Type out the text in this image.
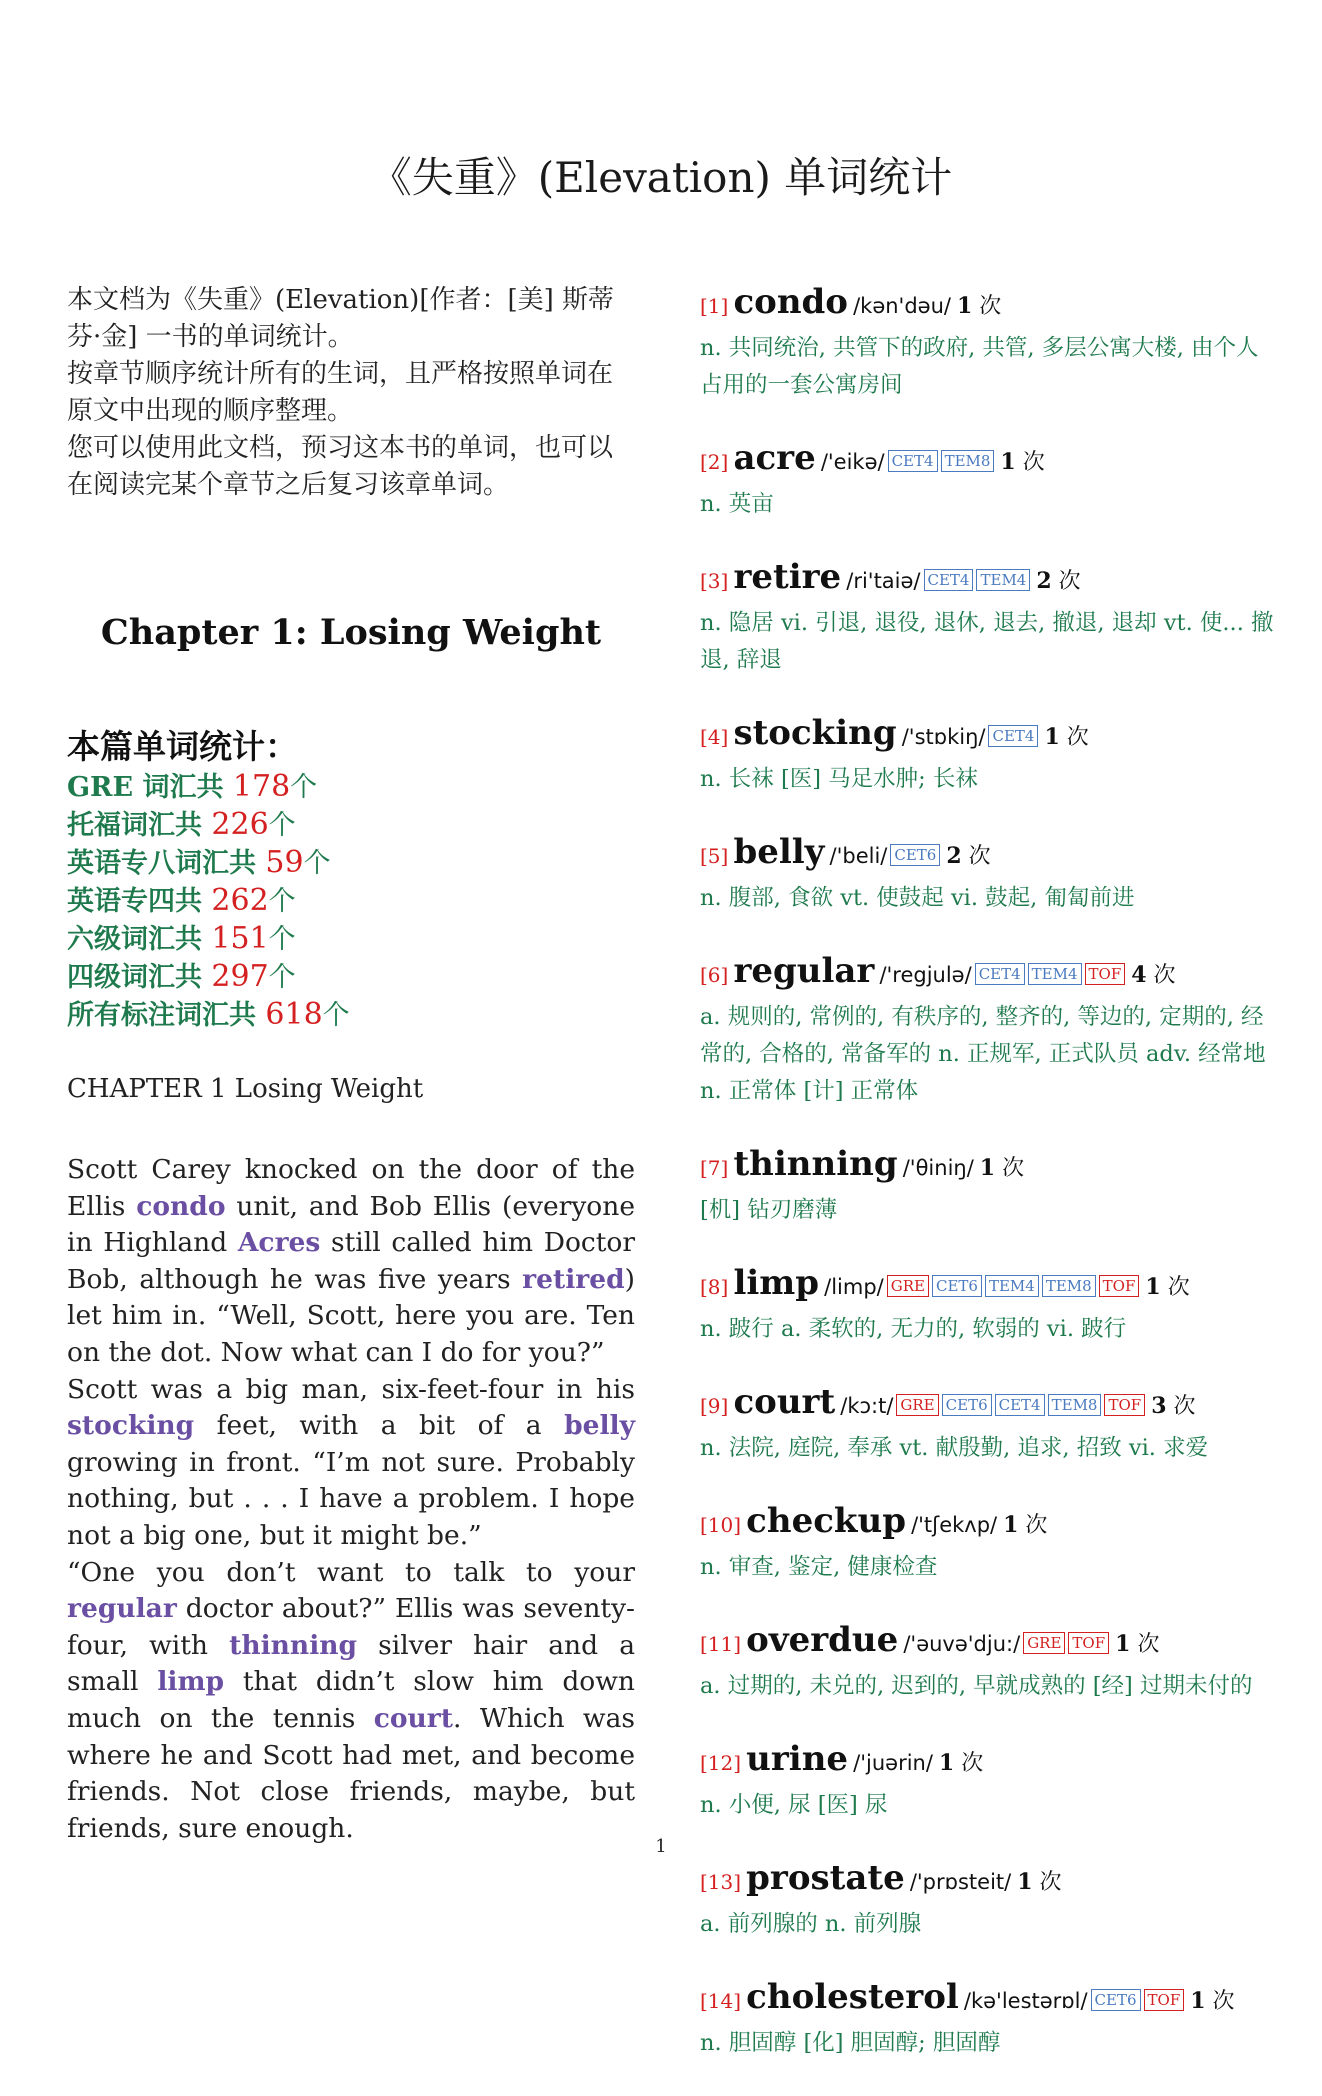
《失重》(Elevation) 单词统计

本文档为《失重》(Elevation)[作者：[美] 斯蒂芬·金] 一书的单词统计。

按章节顺序统计所有的生词，且严格按照单词在原文中出现的顺序整理。

您可以使用此文档，预习这本书的单词，也可以在阅读完某个章节之后复习该章单词。

Chapter 1: Losing Weight
本篇单词统计：
GRE 词汇共 178个
托福词汇共 226个
英语专八词汇共 59个
英语专四共 262个
六级词汇共 151个
四级词汇共 297个
所有标注词汇共 618个
CHAPTER 1 Losing Weight
Scott Carey knocked on the door of the Ellis condo unit, and Bob Ellis (everyone in Highland Acres still called him Doctor Bob, although he was five years retired) let him in. “Well, Scott, here you are. Ten on the dot. Now what can I do for you?”
Scott was a big man, six-feet-four in his stocking feet, with a bit of a belly growing in front. “I’m not sure. Probably nothing, but . . . I have a problem. I hope not a big one, but it might be.”
“One you don’t want to talk to your regular doctor about?” Ellis was seventy-four, with thinning silver hair and a small limp that didn’t slow him down much on the tennis court. Which was where he and Scott had met, and become friends. Not close friends, maybe, but friends, sure enough.
[1] condo /kən'dəu/ 1 次
n. 共同统治, 共管下的政府, 共管, 多层公寓大楼, 由个人占用的一套公寓房间
[2] acre /'eikə/ CET4 TEM8 1 次
n. 英亩
[3] retire /ri'taiə/ CET4 TEM4 2 次
n. 隐居 vi. 引退, 退役, 退休, 退去, 撤退, 退却 vt. 使... 撤退, 辞退
[4] stocking /'stɒkiŋ/ CET4 1 次
n. 长袜 [医] 马足水肿; 长袜
[5] belly /'beli/ CET6 2 次
n. 腹部, 食欲 vt. 使鼓起 vi. 鼓起, 匍匐前进
[6] regular /'regjulə/ CET4 TEM4 TOF 4 次
a. 规则的, 常例的, 有秩序的, 整齐的, 等边的, 定期的, 经常的, 合格的, 常备军的 n. 正规军, 正式队员 adv. 经常地 n. 正常体 [计] 正常体
[7] thinning /'θiniŋ/ 1 次
[机] 钻刃磨薄
[8] limp /limp/ GRE CET6 TEM4 TEM8 TOF 1 次
n. 跛行 a. 柔软的, 无力的, 软弱的 vi. 跛行
[9] court /kɔ:t/ GRE CET6 CET4 TEM8 TOF 3 次
n. 法院, 庭院, 奉承 vt. 献殷勤, 追求, 招致 vi. 求爱
[10] checkup /'tʃekʌp/ 1 次
n. 审查, 鉴定, 健康检查
[11] overdue /'əuvə'dju:/ GRE TOF 1 次
a. 过期的, 未兑的, 迟到的, 早就成熟的 [经] 过期未付的
[12] urine /'juərin/ 1 次
n. 小便, 尿 [医] 尿
[13] prostate /'prɒsteit/ 1 次
a. 前列腺的 n. 前列腺
[14] cholesterol /kə'lestərɒl/ CET6 TOF 1 次
n. 胆固醇 [化] 胆固醇; 胆固醇
1
